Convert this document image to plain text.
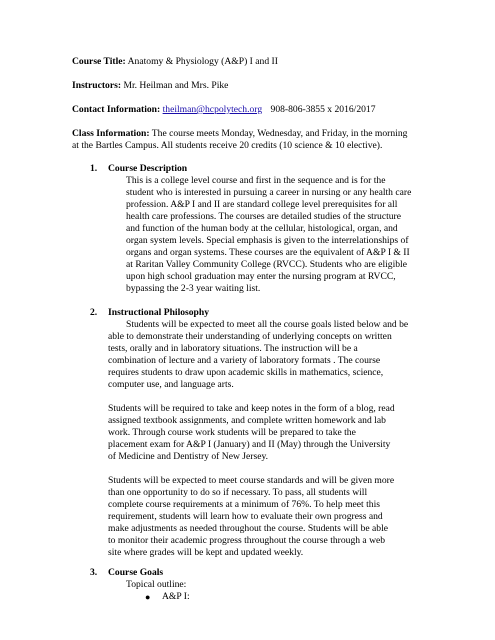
Course Title: Anatomy & Physiology (A&P) I and II
Instructors: Mr. Heilman and Mrs. Pike
Contact Information: theilman@hcpolytech.org 908-806-3855 x 2016/2017
Class Information: The course meets Monday, Wednesday, and Friday, in the morning
at the Bartles Campus. All students receive 20 credits (10 science & 10 elective).
1. Course Description
This is a college level course and first in the sequence and is for the
student who is interested in pursuing a career in nursing or any health care
profession. A&P I and II are standard college level prerequisites for all
health care professions. The courses are detailed studies of the structure
and function of the human body at the cellular, histological, organ, and
organ system levels. Special emphasis is given to the interrelationships of
organs and organ systems. These courses are the equivalent of A&P I & II
at Raritan Valley Community College (RVCC). Students who are eligible
upon high school graduation may enter the nursing program at RVCC,
bypassing the 2-3 year waiting list.
2. Instructional Philosophy
Students will be expected to meet all the course goals listed below and be
able to demonstrate their understanding of underlying concepts on written
tests, orally and in laboratory situations. The instruction will be a
combination of lecture and a variety of laboratory formats . The course
requires students to draw upon academic skills in mathematics, science,
computer use, and language arts.
Students will be required to take and keep notes in the form of a blog, read
assigned textbook assignments, and complete written homework and lab
work. Through course work students will be prepared to take the
placement exam for A&P I (January) and II (May) through the University
of Medicine and Dentistry of New Jersey.
Students will be expected to meet course standards and will be given more
than one opportunity to do so if necessary. To pass, all students will
complete course requirements at a minimum of 76%. To help meet this
requirement, students will learn how to evaluate their own progress and
make adjustments as needed throughout the course. Students will be able
to monitor their academic progress throughout the course through a web
site where grades will be kept and updated weekly.
3. Course Goals
Topical outline:
● A&P I:
